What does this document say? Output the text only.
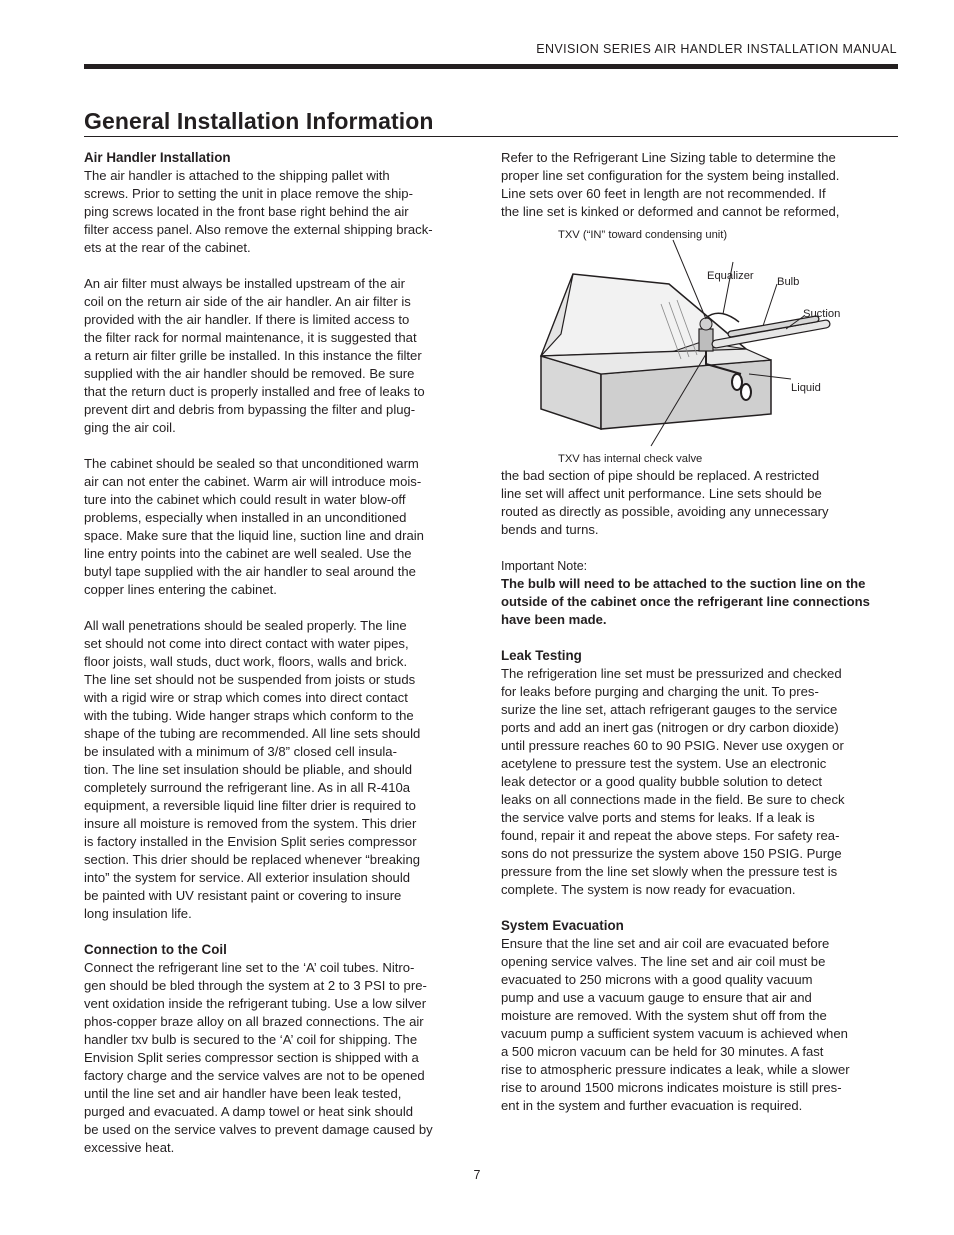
ENVISION SERIES AIR HANDLER INSTALLATION MANUAL
General Installation Information
Air Handler Installation

The air handler is attached to the shipping pallet with

screws. Prior to setting the unit in place remove the ship-

ping screws located in the front base right behind the air

filter access panel. Also remove the external shipping brack-

ets at the rear of the cabinet.

An air filter must always be installed upstream of the air

coil on the return air side of the air handler. An air filter is

provided with the air handler. If there is limited access to

the filter rack for normal maintenance, it is suggested that

a return air filter grille be installed. In this instance the filter

supplied with the air handler should be removed. Be sure

that the return duct is properly installed and free of leaks to

prevent dirt and debris from bypassing the filter and plug-

ging the air coil.

The cabinet should be sealed so that unconditioned warm

air can not enter the cabinet. Warm air will introduce mois-

ture into the cabinet which could result in water blow-off

problems, especially when installed in an unconditioned

space. Make sure that the liquid line, suction line and drain

line entry points into the cabinet are well sealed. Use the

butyl tape supplied with the air handler to seal around the

copper lines entering the cabinet.

All wall penetrations should be sealed properly. The line

set should not come into direct contact with water pipes,

floor joists, wall studs, duct work, floors, walls and brick.

The line set should not be suspended from joists or studs

with a rigid wire or strap which comes into direct contact

with the tubing. Wide hanger straps which conform to the

shape of the tubing are recommended. All line sets should

be insulated with a minimum of 3/8” closed cell insula-

tion. The line set insulation should be pliable, and should

completely surround the refrigerant line. As in all R-410a

equipment, a reversible liquid line filter drier is required to

insure all moisture is removed from the system. This drier

is factory installed in the Envision Split series compressor

section. This drier should be replaced whenever “breaking

into” the system for service. All exterior insulation should

be painted with UV resistant paint or covering to insure

long insulation life.

Connection to the Coil

Connect the refrigerant line set to the ‘A’ coil tubes. Nitro-

gen should be bled through the system at 2 to 3 PSI to pre-

vent oxidation inside the refrigerant tubing. Use a low silver

phos-copper braze alloy on all brazed connections. The air

handler txv bulb is secured to the ‘A’ coil for shipping. The

Envision Split series compressor section is shipped with a

factory charge and the service valves are not to be opened

until the line set and air handler have been leak tested,

purged and evacuated. A damp towel or heat sink should

be used on the service valves to prevent damage caused by

excessive heat.

Refer to the Refrigerant Line Sizing table to determine the

proper line set configuration for the system being installed.

Line sets over 60 feet in length are not recommended. If

the line set is kinked or deformed and cannot be reformed,

TXV (“IN” toward condensing unit)
Equalizer Bulb
Suction
Liquid
TXV has internal check valve

the bad section of pipe should be replaced. A restricted

line set will affect unit performance. Line sets should be

routed as directly as possible, avoiding any unnecessary

bends and turns.

Important Note:

The bulb will need to be attached to the suction line on the

outside of the cabinet once the refrigerant line connections

have been made.

Leak Testing

The refrigeration line set must be pressurized and checked

for leaks before purging and charging the unit. To pres-

surize the line set, attach refrigerant gauges to the service

ports and add an inert gas (nitrogen or dry carbon dioxide)

until pressure reaches 60 to 90 PSIG. Never use oxygen or

acetylene to pressure test the system. Use an electronic

leak detector or a good quality bubble solution to detect

leaks on all connections made in the field. Be sure to check

the service valve ports and stems for leaks. If a leak is

found, repair it and repeat the above steps. For safety rea-

sons do not pressurize the system above 150 PSIG. Purge

pressure from the line set slowly when the pressure test is

complete. The system is now ready for evacuation.

System Evacuation

Ensure that the line set and air coil are evacuated before

opening service valves. The line set and air coil must be

evacuated to 250 microns with a good quality vacuum

pump and use a vacuum gauge to ensure that air and

moisture are removed. With the system shut off from the

vacuum pump a sufficient system vacuum is achieved when

a 500 micron vacuum can be held for 30 minutes. A fast

rise to atmospheric pressure indicates a leak, while a slower

rise to around 1500 microns indicates moisture is still pres-

ent in the system and further evacuation is required.

7
